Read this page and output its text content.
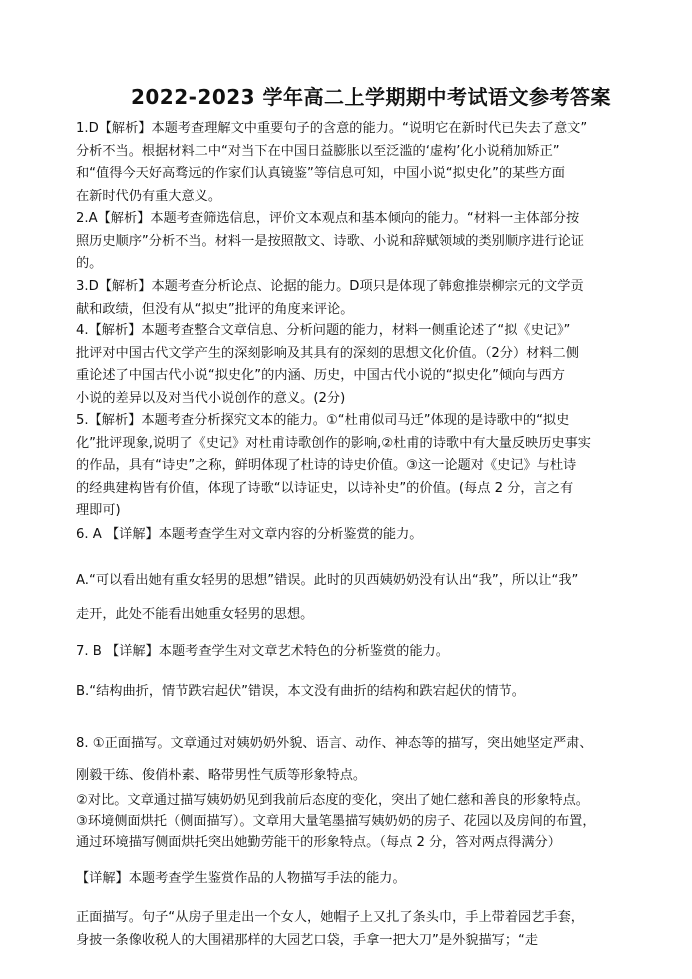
2022-2023 学年高二上学期期中考试语文参考答案
1.D【解析】本题考查理解文中重要句子的含意的能力。“说明它在新时代已失去了意文”
分析不当。根据材料二中“对当下在中国日益膨胀以至泛滥的‘虚构’化小说稍加矫正”
和“值得今天好高骛远的作家们认真镜鉴”等信息可知，中国小说“拟史化”的某些方面
在新时代仍有重大意义。
2.A【解析】本题考查筛选信息，评价文本观点和基本倾向的能力。“材料一主体部分按
照历史顺序”分析不当。材料一是按照散文、诗歌、小说和辞赋领域的类别顺序进行论证
的。
3.D【解析】本题考查分析论点、论据的能力。D项只是体现了韩愈推崇柳宗元的文学贡
献和政绩，但没有从“拟史”批评的角度来评论。
4.【解析】本题考查整合文章信息、分析问题的能力，材料一侧重论述了“拟《史记》”
批评对中国古代文学产生的深刻影响及其具有的深刻的思想文化价值。（2分）材料二侧
重论述了中国古代小说“拟史化”的内涵、历史，中国古代小说的“拟史化”倾向与西方
小说的差异以及对当代小说创作的意义。(2分)
5.【解析】本题考查分析探究文本的能力。①“杜甫似司马迁”体现的是诗歌中的“拟史
化”批评现象,说明了《史记》对杜甫诗歌创作的影响,②杜甫的诗歌中有大量反映历史事实
的作品，具有“诗史”之称，鲜明体现了杜诗的诗史价值。③这一论题对《史记》与杜诗
的经典建构皆有价值，体现了诗歌“以诗证史，以诗补史”的价值。(每点 2 分，言之有
理即可)
6. A 【详解】本题考查学生对文章内容的分析鉴赏的能力。
A.“可以看出她有重女轻男的思想”错误。此时的贝西姨奶奶没有认出“我”，所以让“我”
走开，此处不能看出她重女轻男的思想。
7. B 【详解】本题考查学生对文章艺术特色的分析鉴赏的能力。
B.“结构曲折，情节跌宕起伏”错误，本文没有曲折的结构和跌宕起伏的情节。
8. ①正面描写。文章通过对姨奶奶外貌、语言、动作、神态等的描写，突出她坚定严肃、
刚毅干练、俊俏朴素、略带男性气质等形象特点。
②对比。文章通过描写姨奶奶见到我前后态度的变化，突出了她仁慈和善良的形象特点。
③环境侧面烘托（侧面描写）。文章用大量笔墨描写姨奶奶的房子、花园以及房间的布置，
通过环境描写侧面烘托突出她勤劳能干的形象特点。（每点 2 分，答对两点得满分）
【详解】本题考查学生鉴赏作品的人物描写手法的能力。
正面描写。句子“从房子里走出一个女人，她帽子上又扎了条头巾，手上带着园艺手套，
身披一条像收税人的大围裙那样的大园艺口袋，手拿一把大刀”是外貌描写；“走
